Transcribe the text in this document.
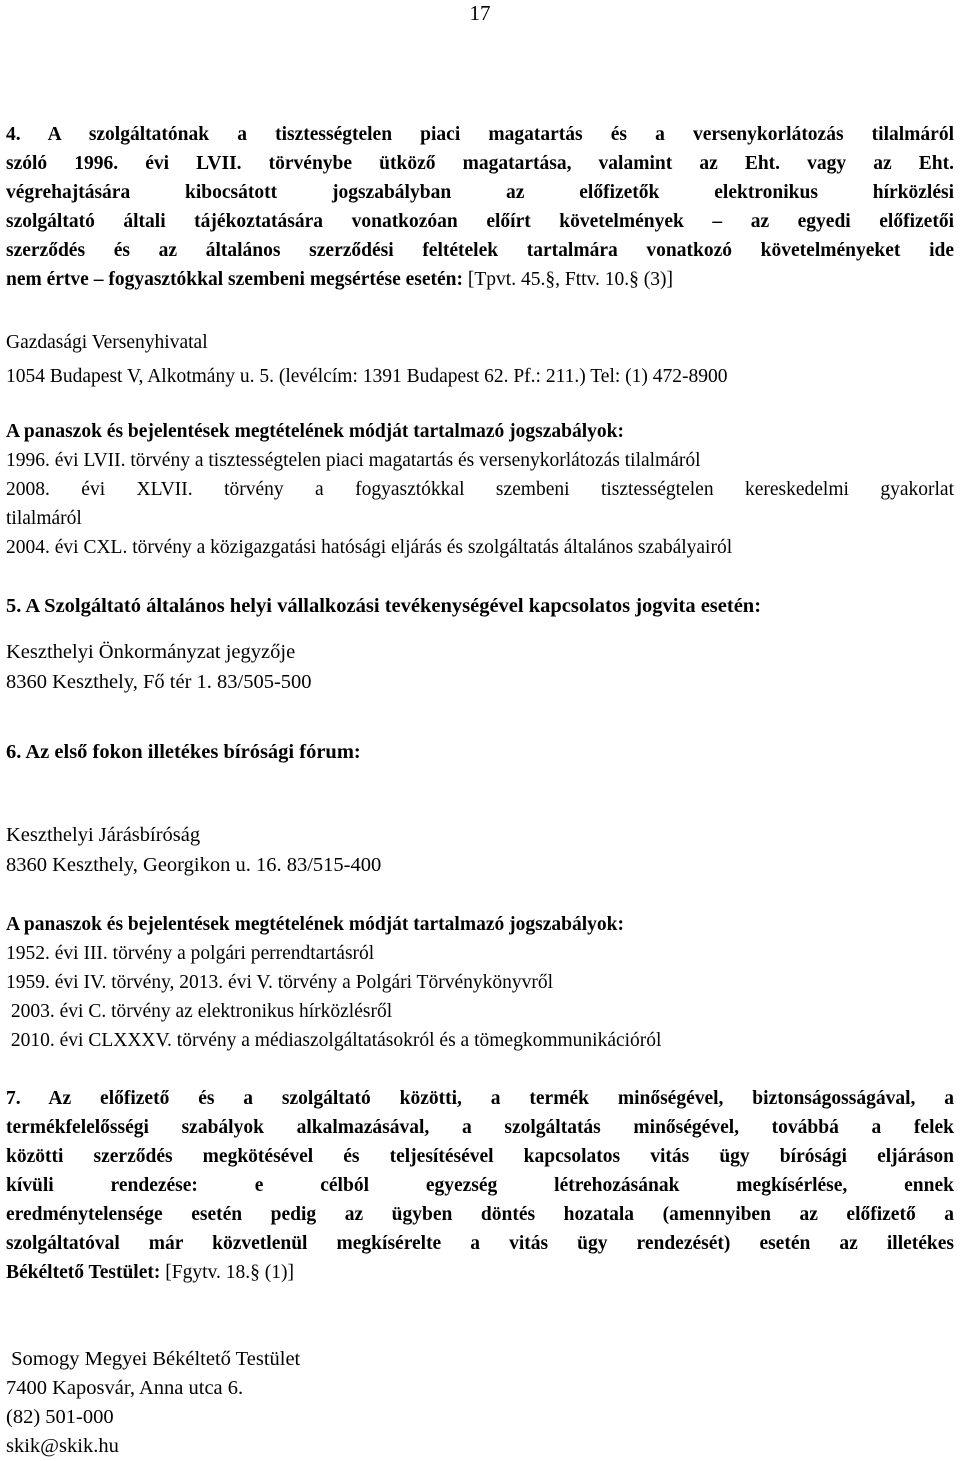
17
4. A szolgáltatónak a tisztességtelen piaci magatartás és a versenykorlátozás tilalmáról
szóló 1996. évi LVII. törvénybe ütköző magatartása, valamint az Eht. vagy az Eht.
végrehajtására kibocsátott jogszabályban az előfizetők elektronikus hírközlési
szolgáltató általi tájékoztatására vonatkozóan előírt követelmények – az egyedi előfizetői
szerződés és az általános szerződési feltételek tartalmára vonatkozó követelményeket ide
nem értve – fogyasztókkal szembeni megsértése esetén: [Tpvt. 45.§, Fttv. 10.§ (3)]
Gazdasági Versenyhivatal
1054 Budapest V, Alkotmány u. 5. (levélcím: 1391 Budapest 62. Pf.: 211.) Tel: (1) 472-8900
A panaszok és bejelentések megtételének módját tartalmazó jogszabályok:
1996. évi LVII. törvény a tisztességtelen piaci magatartás és versenykorlátozás tilalmáról
2008. évi XLVII. törvény a fogyasztókkal szembeni tisztességtelen kereskedelmi gyakorlat
tilalmáról
2004. évi CXL. törvény a közigazgatási hatósági eljárás és szolgáltatás általános szabályairól
5. A Szolgáltató általános helyi vállalkozási tevékenységével kapcsolatos jogvita esetén:
Keszthelyi Önkormányzat jegyzője
8360 Keszthely, Fő tér 1. 83/505-500
6. Az első fokon illetékes bírósági fórum:
Keszthelyi Járásbíróság
8360 Keszthely, Georgikon u. 16. 83/515-400
A panaszok és bejelentések megtételének módját tartalmazó jogszabályok:
1952. évi III. törvény a polgári perrendtartásról
1959. évi IV. törvény, 2013. évi V. törvény a Polgári Törvénykönyvről
2003. évi C. törvény az elektronikus hírközlésről
2010. évi CLXXXV. törvény a médiaszolgáltatásokról és a tömegkommunikációról
7. Az előfizető és a szolgáltató közötti, a termék minőségével, biztonságosságával, a
termékfelelősségi szabályok alkalmazásával, a szolgáltatás minőségével, továbbá a felek
közötti szerződés megkötésével és teljesítésével kapcsolatos vitás ügy bírósági eljáráson
kívüli rendezése: e célból egyezség létrehozásának megkísérlése, ennek
eredménytelensége esetén pedig az ügyben döntés hozatala (amennyiben az előfizető a
szolgáltatóval már közvetlenül megkísérelte a vitás ügy rendezését) esetén az illetékes
Békéltető Testület: [Fgytv. 18.§ (1)]
Somogy Megyei Békéltető Testület
7400 Kaposvár, Anna utca 6.
(82) 501-000
skik@skik.hu
